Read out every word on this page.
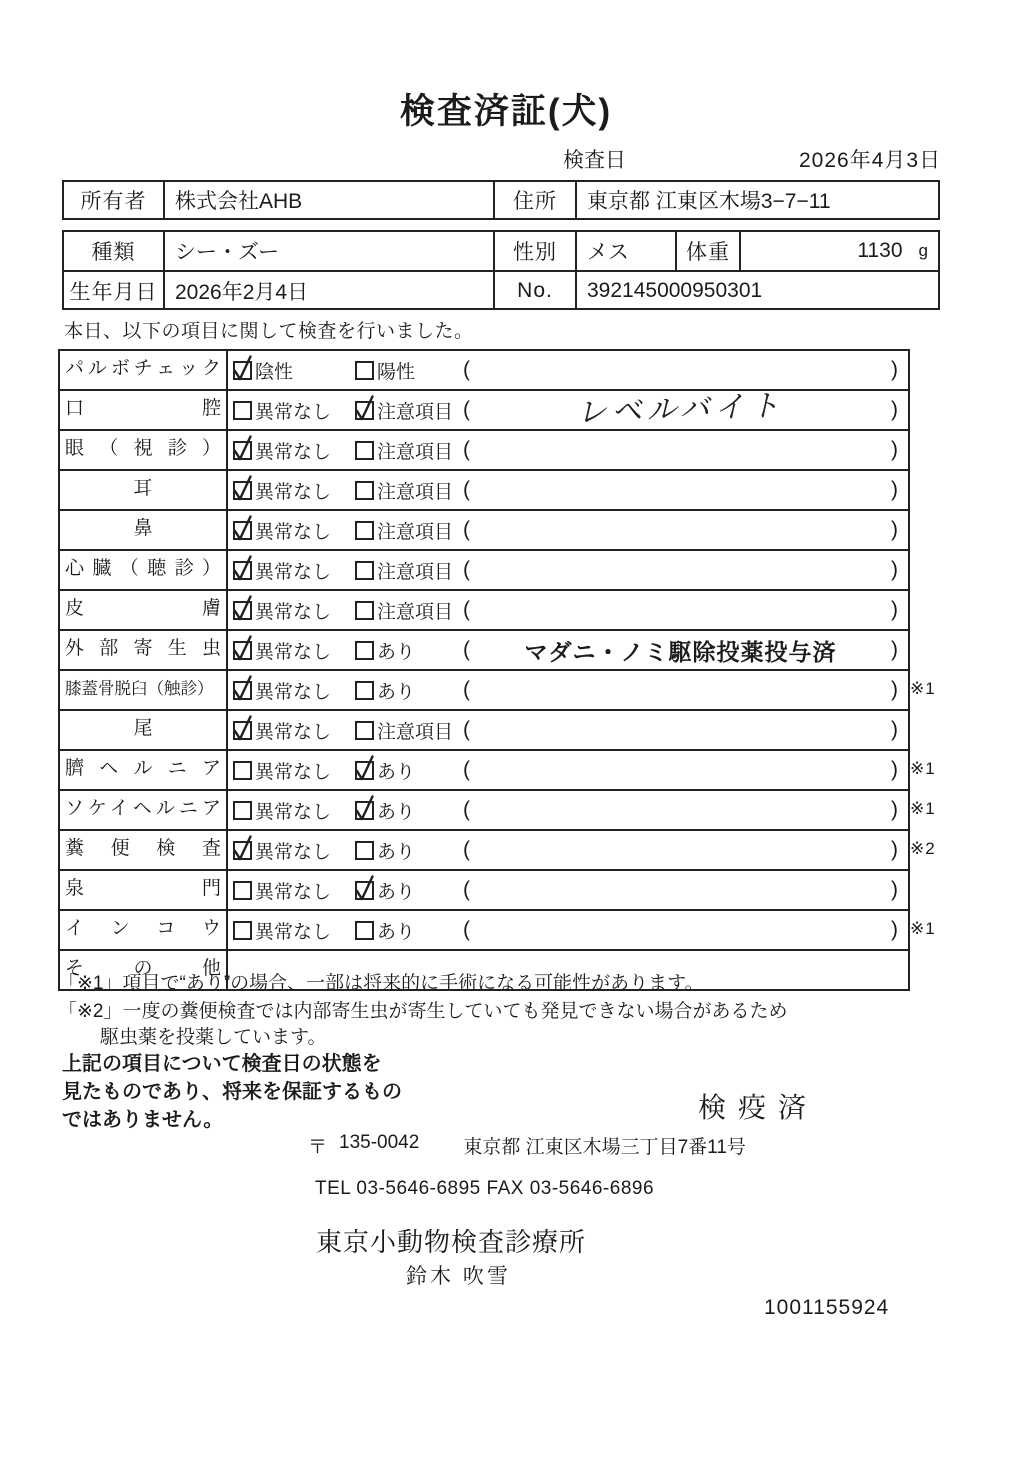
検査済証(犬)
検査日	2026年4月3日
所有者	株式会社AHB	住所	東京都 江東区木場3−7−11
種類	シー・ズー	性別	メス	体重	1130 g
生年月日 2026年2月4日	No.	392145000950301
本日、以下の項目に関して検査を行いました。
パルボチェック	陰性	陽性 (	)
口腔	異常なし 注意項目 (	レベルバイト	)
眼（視診）	異常なし 注意項目 (	)
耳	異常なし 注意項目 (	)
鼻	異常なし 注意項目 (	)
心臓（聴診）	異常なし 注意項目 (	)
皮膚	異常なし 注意項目 (	)
外部寄生虫	異常なし あり (	マダニ・ノミ駆除投薬投与済	)
膝蓋骨脱臼（触診）	異常なし あり (	) ※1
尾	異常なし 注意項目 (	)
臍ヘルニア	異常なし あり (	) ※1
ソケイヘルニア	異常なし あり (	) ※1
糞便検査	異常なし あり (	) ※2
泉門	異常なし あり (	)
インコウ	異常なし あり (	) ※1
その他
「※1」項目で“あり”の場合、一部は将来的に手術になる可能性があります。
「※2」一度の糞便検査では内部寄生虫が寄生していても発見できない場合があるため
駆虫薬を投薬しています。
上記の項目について検査日の状態を
見たものであり、将来を保証するもの
ではありません。	検疫済
〒 135-0042 東京都 江東区木場三丁目7番11号
TEL 03-5646-6895 FAX 03-5646-6896
東京小動物検査診療所
鈴木 吹雪
1001155924
